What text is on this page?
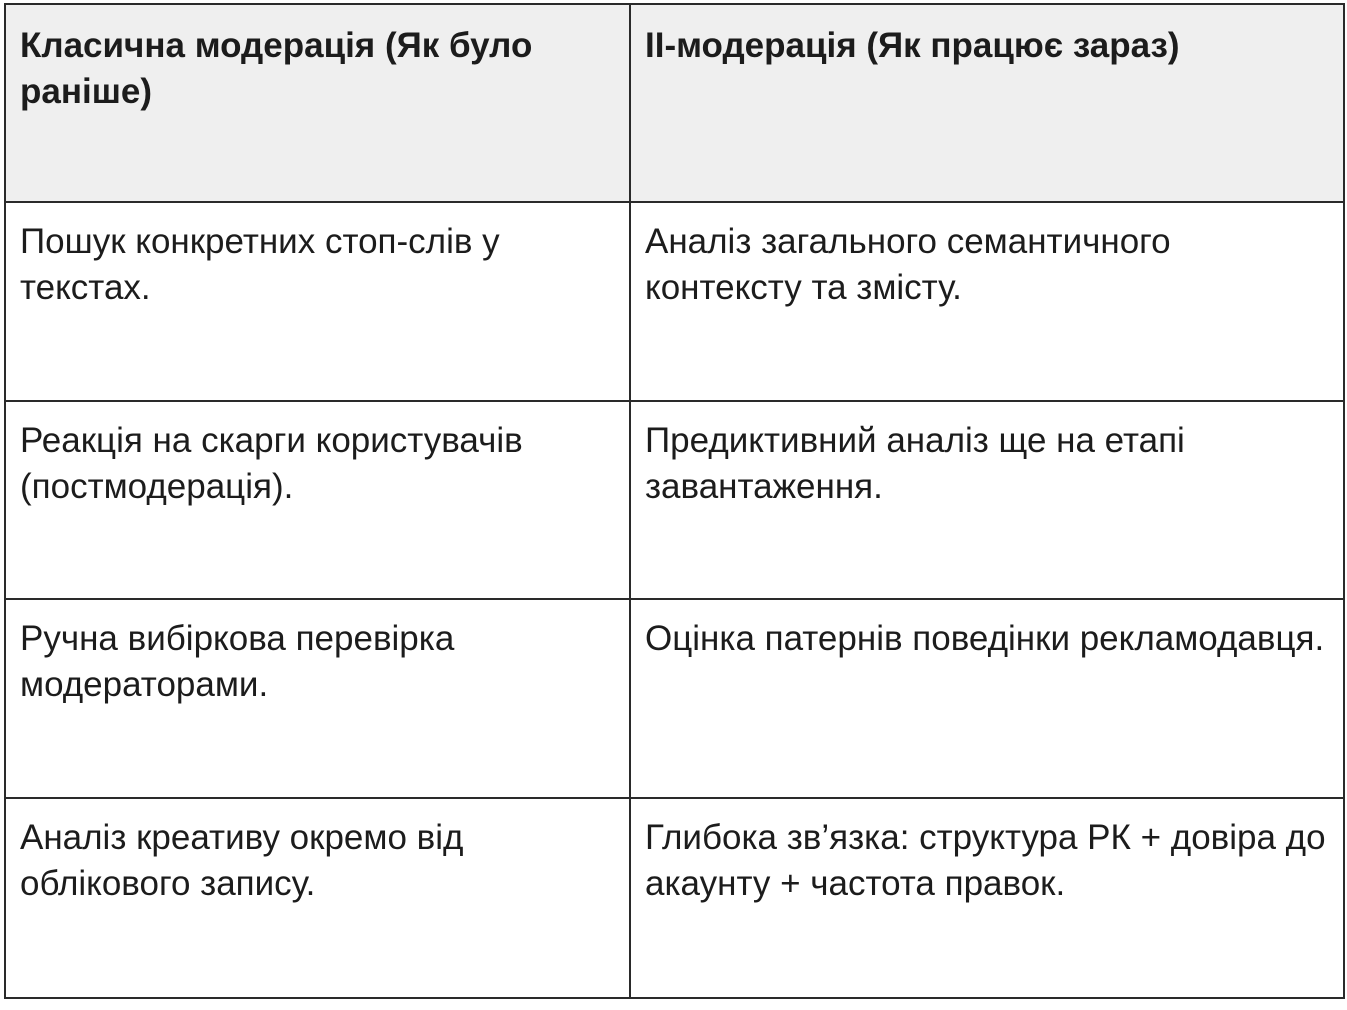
Класична модерація (Як було раніше)
ІІ-модерація (Як працює зараз)
Пошук конкретних стоп-слів у текстах.
Аналіз загального семантичного контексту та змісту.
Реакція на скарги користувачів (постмодерація).
Предиктивний аналіз ще на етапі завантаження.
Ручна вибіркова перевірка модераторами.
Оцінка патернів поведінки рекламодавця.
Аналіз креативу окремо від облікового запису.
Глибока зв’язка: структура РК + довіра до акаунту + частота правок.
